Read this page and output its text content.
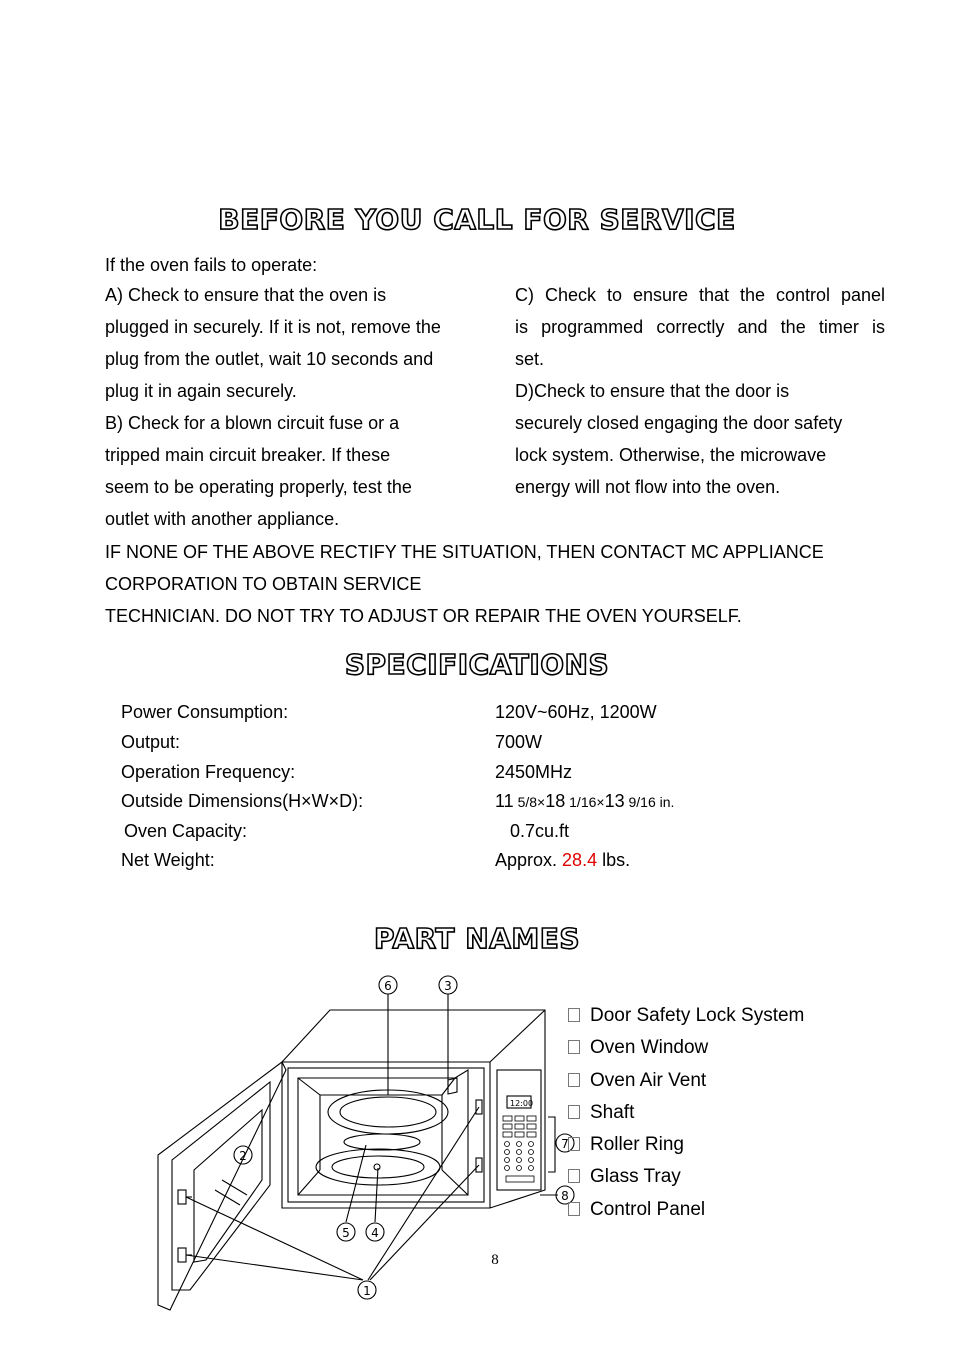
BEFORE YOU CALL FOR SERVICE
If the oven fails to operate:
A) Check to ensure that the oven is
plugged in securely. If it is not, remove the
plug from the outlet, wait 10 seconds and
plug it in again securely.
B) Check for a blown circuit fuse or a
tripped main circuit breaker. If these
seem to be operating properly, test the
outlet with another appliance.
C) Check to ensure that the control panel
is programmed correctly and the timer is
set.
D)Check to ensure that the door is
securely closed engaging the door safety
lock system. Otherwise, the microwave
energy will not flow into the oven.
IF NONE OF THE ABOVE RECTIFY THE SITUATION, THEN CONTACT MC APPLIANCE
CORPORATION TO OBTAIN SERVICE
TECHNICIAN. DO NOT TRY TO ADJUST OR REPAIR THE OVEN YOURSELF.
SPECIFICATIONS
Power Consumption:	120V~60Hz, 1200W
Output:	700W
Operation Frequency:	2450MHz
Outside Dimensions(H×W×D):	11 5/8×18 1/16×13 9/16 in.
Oven Capacity:	0.7cu.ft
Net Weight:	Approx. 28.4 lbs.
PART NAMES
12:00
6	3
2
5 4
1
7
8
Door Safety Lock System
Oven Window
Oven Air Vent
Shaft
Roller Ring
Glass Tray
Control Panel
8
